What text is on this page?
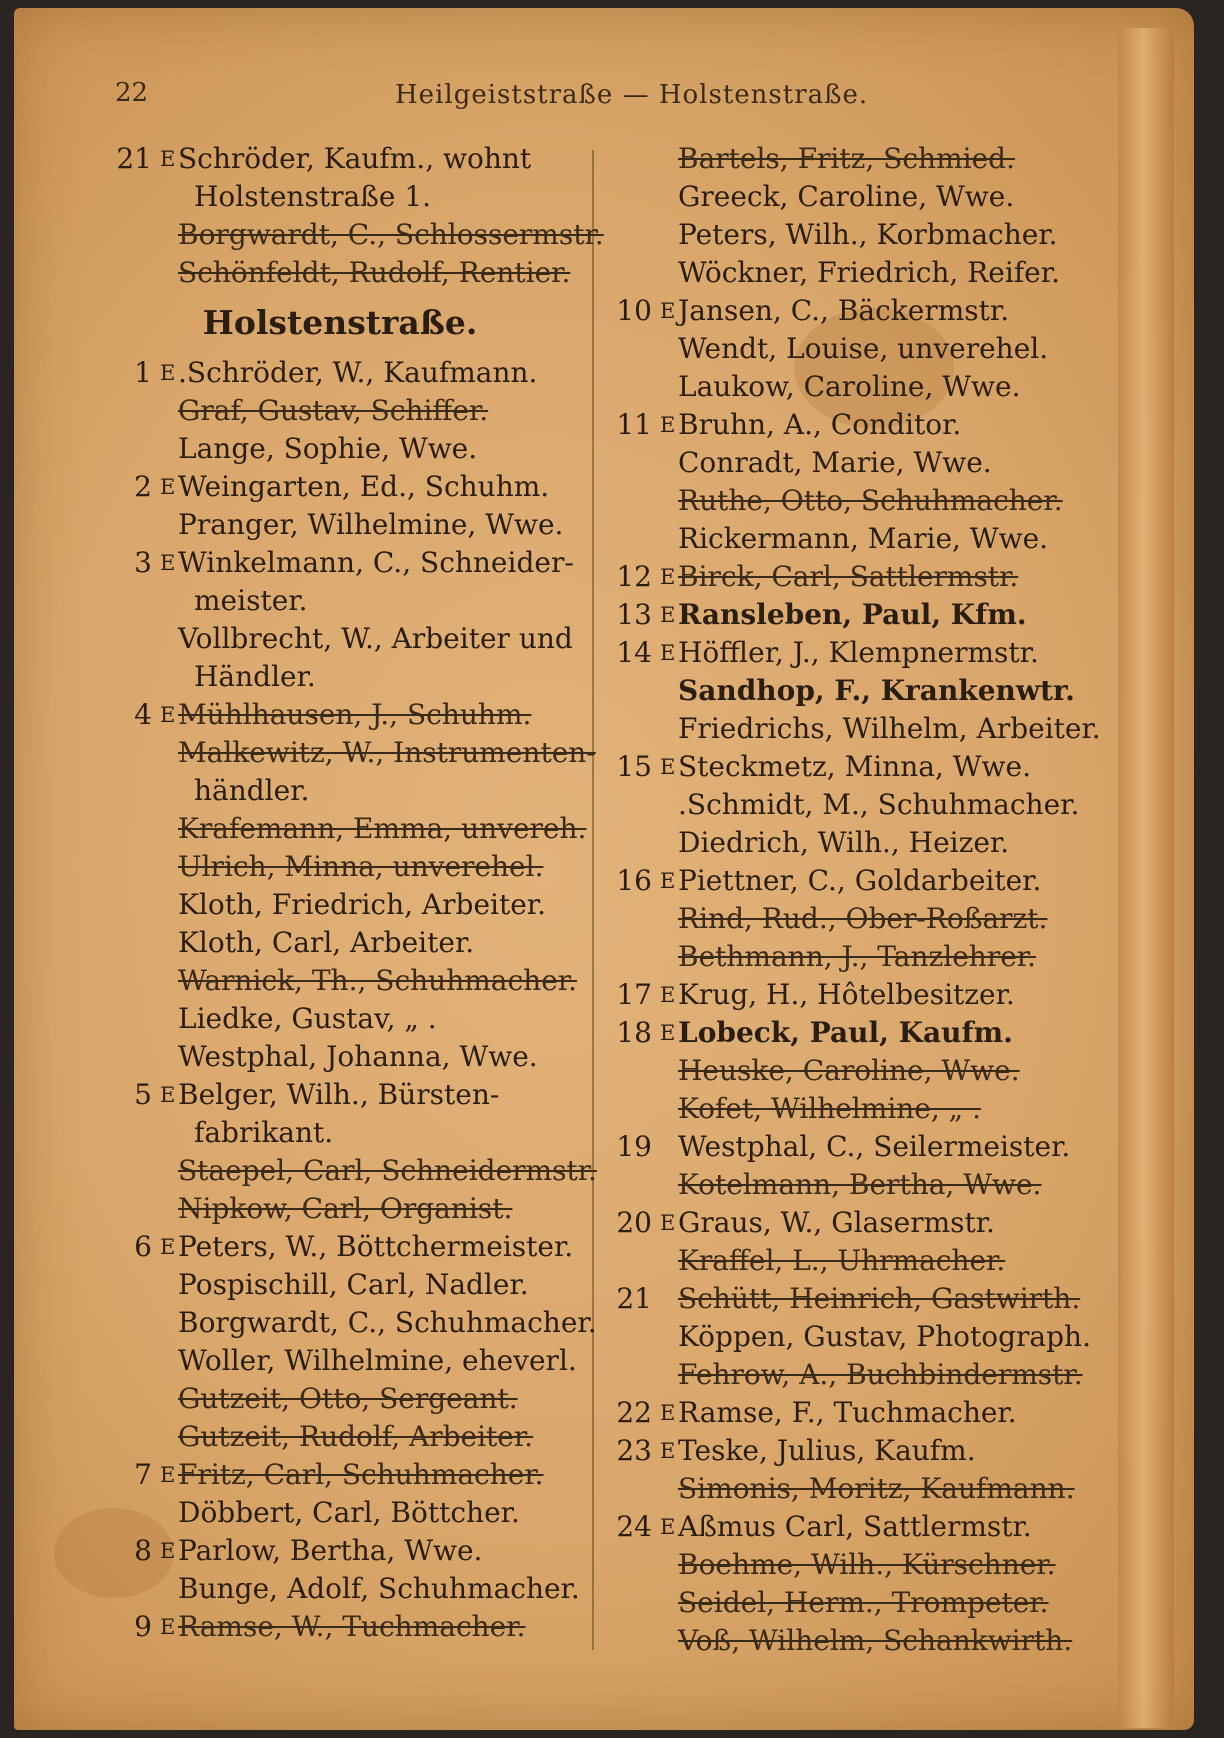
22	Heilgeiststraße — Holstenstraße.
21 E Schröder, Kaufm., wohnt
Holstenstraße 1.
Borgwardt, C., Schlossermstr.
Schönfeldt, Rudolf, Rentier.
Holstenstraße.
1 E .Schröder, W., Kaufmann.
Graf, Gustav, Schiffer.
Lange, Sophie, Wwe.
2 E Weingarten, Ed., Schuhm.
Pranger, Wilhelmine, Wwe.
3 E Winkelmann, C., Schneider-
meister.
Vollbrecht, W., Arbeiter und
Händler.
4 E Mühlhausen, J., Schuhm.
Malkewitz, W., Instrumenten-
händler.
Krafemann, Emma, unvereh.
Ulrich, Minna, unverehel.
Kloth, Friedrich, Arbeiter.
Kloth, Carl, Arbeiter.
Warnick, Th., Schuhmacher.
Liedke, Gustav, „ .
Westphal, Johanna, Wwe.
5 E Belger, Wilh., Bürsten-
fabrikant.
Staepel, Carl, Schneidermstr.
Nipkow, Carl, Organist.
6 E Peters, W., Böttchermeister.
Pospischill, Carl, Nadler.
Borgwardt, C., Schuhmacher.
Woller, Wilhelmine, eheverl.
Gutzeit, Otto, Sergeant.
Gutzeit, Rudolf, Arbeiter.
7 E Fritz, Carl, Schuhmacher.
Döbbert, Carl, Böttcher.
8 E Parlow, Bertha, Wwe.
Bunge, Adolf, Schuhmacher.
9 E Ramse, W., Tuchmacher.
Bartels, Fritz, Schmied.
Greeck, Caroline, Wwe.
Peters, Wilh., Korbmacher.
Wöckner, Friedrich, Reifer.
10 E Jansen, C., Bäckermstr.
Wendt, Louise, unverehel.
Laukow, Caroline, Wwe.
11 E Bruhn, A., Conditor.
Conradt, Marie, Wwe.
Ruthe, Otto, Schuhmacher.
Rickermann, Marie, Wwe.
12 E Birck, Carl, Sattlermstr.
13 E Ransleben, Paul, Kfm.
14 E Höffler, J., Klempnermstr.
Sandhop, F., Krankenwtr.
Friedrichs, Wilhelm, Arbeiter.
15 E Steckmetz, Minna, Wwe.
.Schmidt, M., Schuhmacher.
Diedrich, Wilh., Heizer.
16 E Piettner, C., Goldarbeiter.
Rind, Rud., Ober-Roßarzt.
Bethmann, J., Tanzlehrer.
17 E Krug, H., Hôtelbesitzer.
18 E Lobeck, Paul, Kaufm.
Heuske, Caroline, Wwe.
Kofet, Wilhelmine, „ .
19 Westphal, C., Seilermeister.
Kotelmann, Bertha, Wwe.
20 E Graus, W., Glasermstr.
Kraffel, L., Uhrmacher.
21 Schütt, Heinrich, Gastwirth.
Köppen, Gustav, Photograph.
Fehrow, A., Buchbindermstr.
22 E Ramse, F., Tuchmacher.
23 E Teske, Julius, Kaufm.
Simonis, Moritz, Kaufmann.
24 E Aßmus Carl, Sattlermstr.
Boehme, Wilh., Kürschner.
Seidel, Herm., Trompeter.
Voß, Wilhelm, Schankwirth.
